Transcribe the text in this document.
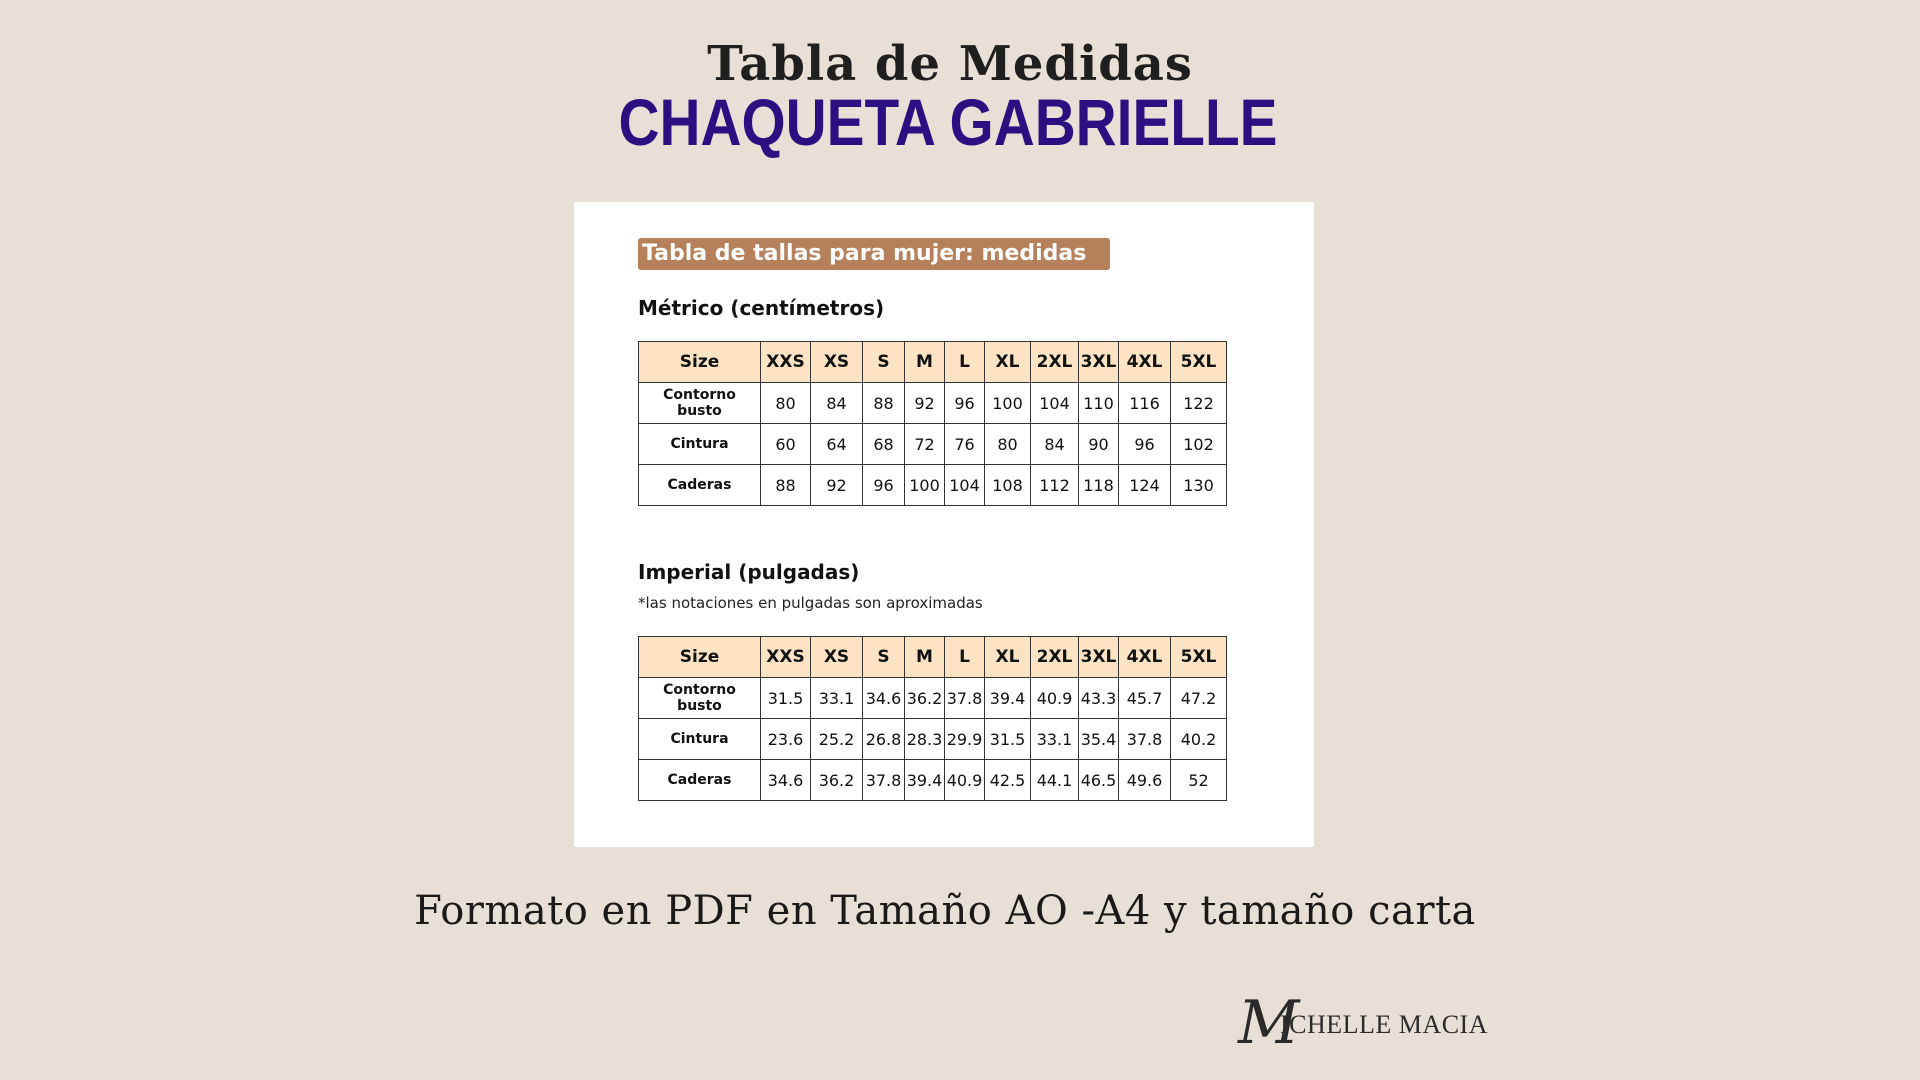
Tabla de Medidas
CHAQUETA GABRIELLE
Tabla de tallas para mujer: medidas
Métrico (centímetros)
Size	XXS	XS	S	M	L	XL	2XL	3XL	4XL	5XL
Contorno busto	80	84	88	92	96	100	104	110	116	122
Cintura	60	64	68	72	76	80	84	90	96	102
Caderas	88	92	96	100	104	108	112	118	124	130
Imperial (pulgadas)
*las notaciones en pulgadas son aproximadas
Size	XXS	XS	S	M	L	XL	2XL	3XL	4XL	5XL
Contorno busto	31.5	33.1	34.6	36.2	37.8	39.4	40.9	43.3	45.7	47.2
Cintura	23.6	25.2	26.8	28.3	29.9	31.5	33.1	35.4	37.8	40.2
Caderas	34.6	36.2	37.8	39.4	40.9	42.5	44.1	46.5	49.6	52
Formato en PDF en Tamaño AO -A4 y tamaño carta
M
ICHELLE MACIA
